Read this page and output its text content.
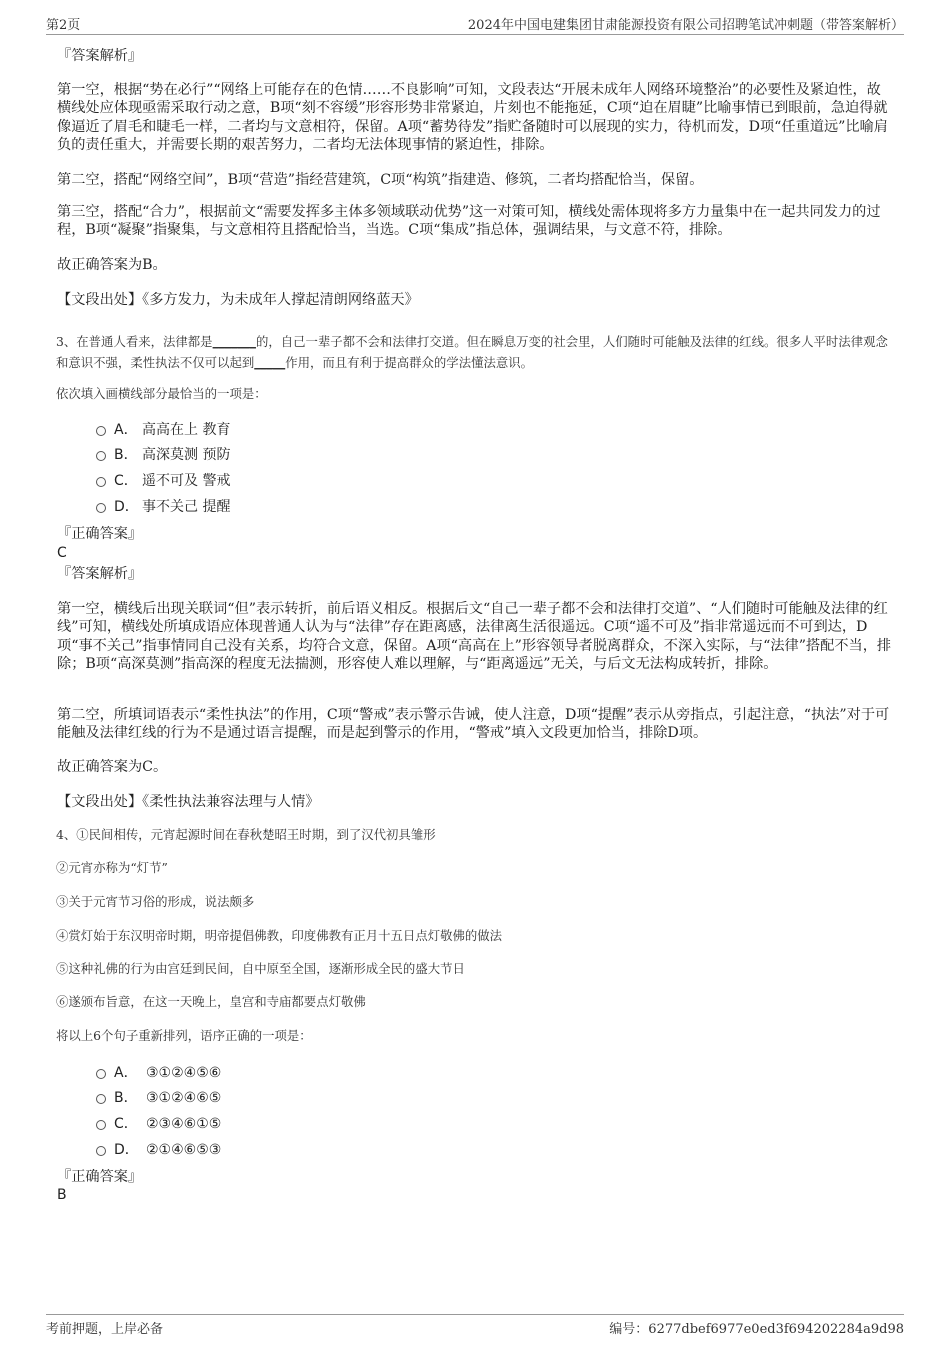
第2页	2024年中国电建集团甘肃能源投资有限公司招聘笔试冲刺题（带答案解析）
『答案解析』

第一空，根据“势在必行”“网络上可能存在的色情……不良影响”可知，文段表达“开展未成年人网络环境整治”的必要性及紧迫性，故横线处应体现亟需采取行动之意，B项“刻不容缓”形容形势非常紧迫，片刻也不能拖延，C项“迫在眉睫”比喻事情已到眼前，急迫得就像逼近了眉毛和睫毛一样，二者均与文意相符，保留。A项“蓄势待发”指贮备随时可以展现的实力，待机而发，D项“任重道远”比喻肩负的责任重大，并需要长期的艰苦努力，二者均无法体现事情的紧迫性，排除。

第二空，搭配“网络空间”，B项“营造”指经营建筑，C项“构筑”指建造、修筑，二者均搭配恰当，保留。

第三空，搭配“合力”，根据前文“需要发挥多主体多领域联动优势”这一对策可知，横线处需体现将多方力量集中在一起共同发力的过程，B项“凝聚”指聚集，与文意相符且搭配恰当，当选。C项“集成”指总体，强调结果，与文意不符，排除。

故正确答案为B。

【文段出处】《多方发力，为未成年人撑起清朗网络蓝天》

3、在普通人看来，法律都是_______的，自己一辈子都不会和法律打交道。但在瞬息万变的社会里，人们随时可能触及法律的红线。很多人平时法律观念和意识不强，柔性执法不仅可以起到_____作用，而且有利于提高群众的学法懂法意识。

依次填入画横线部分最恰当的一项是：

A． 高高在上 教育
B． 高深莫测 预防
C． 遥不可及 警戒
D． 事不关己 提醒
『正确答案』
C
『答案解析』

第一空，横线后出现关联词“但”表示转折，前后语义相反。根据后文“自己一辈子都不会和法律打交道”、“人们随时可能触及法律的红线”可知，横线处所填成语应体现普通人认为与“法律”存在距离感，法律离生活很遥远。C项“遥不可及”指非常遥远而不可到达，D项“事不关己”指事情同自己没有关系，均符合文意，保留。A项“高高在上”形容领导者脱离群众，不深入实际，与“法律”搭配不当，排除；B项“高深莫测”指高深的程度无法揣测，形容使人难以理解，与“距离遥远”无关，与后文无法构成转折，排除。

第二空，所填词语表示“柔性执法”的作用，C项“警戒”表示警示告诫，使人注意，D项“提醒”表示从旁指点，引起注意，“执法”对于可能触及法律红线的行为不是通过语言提醒，而是起到警示的作用，“警戒”填入文段更加恰当，排除D项。

故正确答案为C。

【文段出处】《柔性执法兼容法理与人情》

4、①民间相传，元宵起源时间在春秋楚昭王时期，到了汉代初具雏形

②元宵亦称为“灯节”

③关于元宵节习俗的形成，说法颇多

④赏灯始于东汉明帝时期，明帝提倡佛教，印度佛教有正月十五日点灯敬佛的做法

⑤这种礼佛的行为由宫廷到民间，自中原至全国，逐渐形成全民的盛大节日

⑥遂颁布旨意，在这一天晚上，皇宫和寺庙都要点灯敬佛

将以上6个句子重新排列，语序正确的一项是：

A． ③①②④⑤⑥
B． ③①②④⑥⑤
C． ②③④⑥①⑤
D． ②①④⑥⑤③
『正确答案』
B
考前押题，上岸必备	编号：6277dbef6977e0ed3f694202284a9d98
